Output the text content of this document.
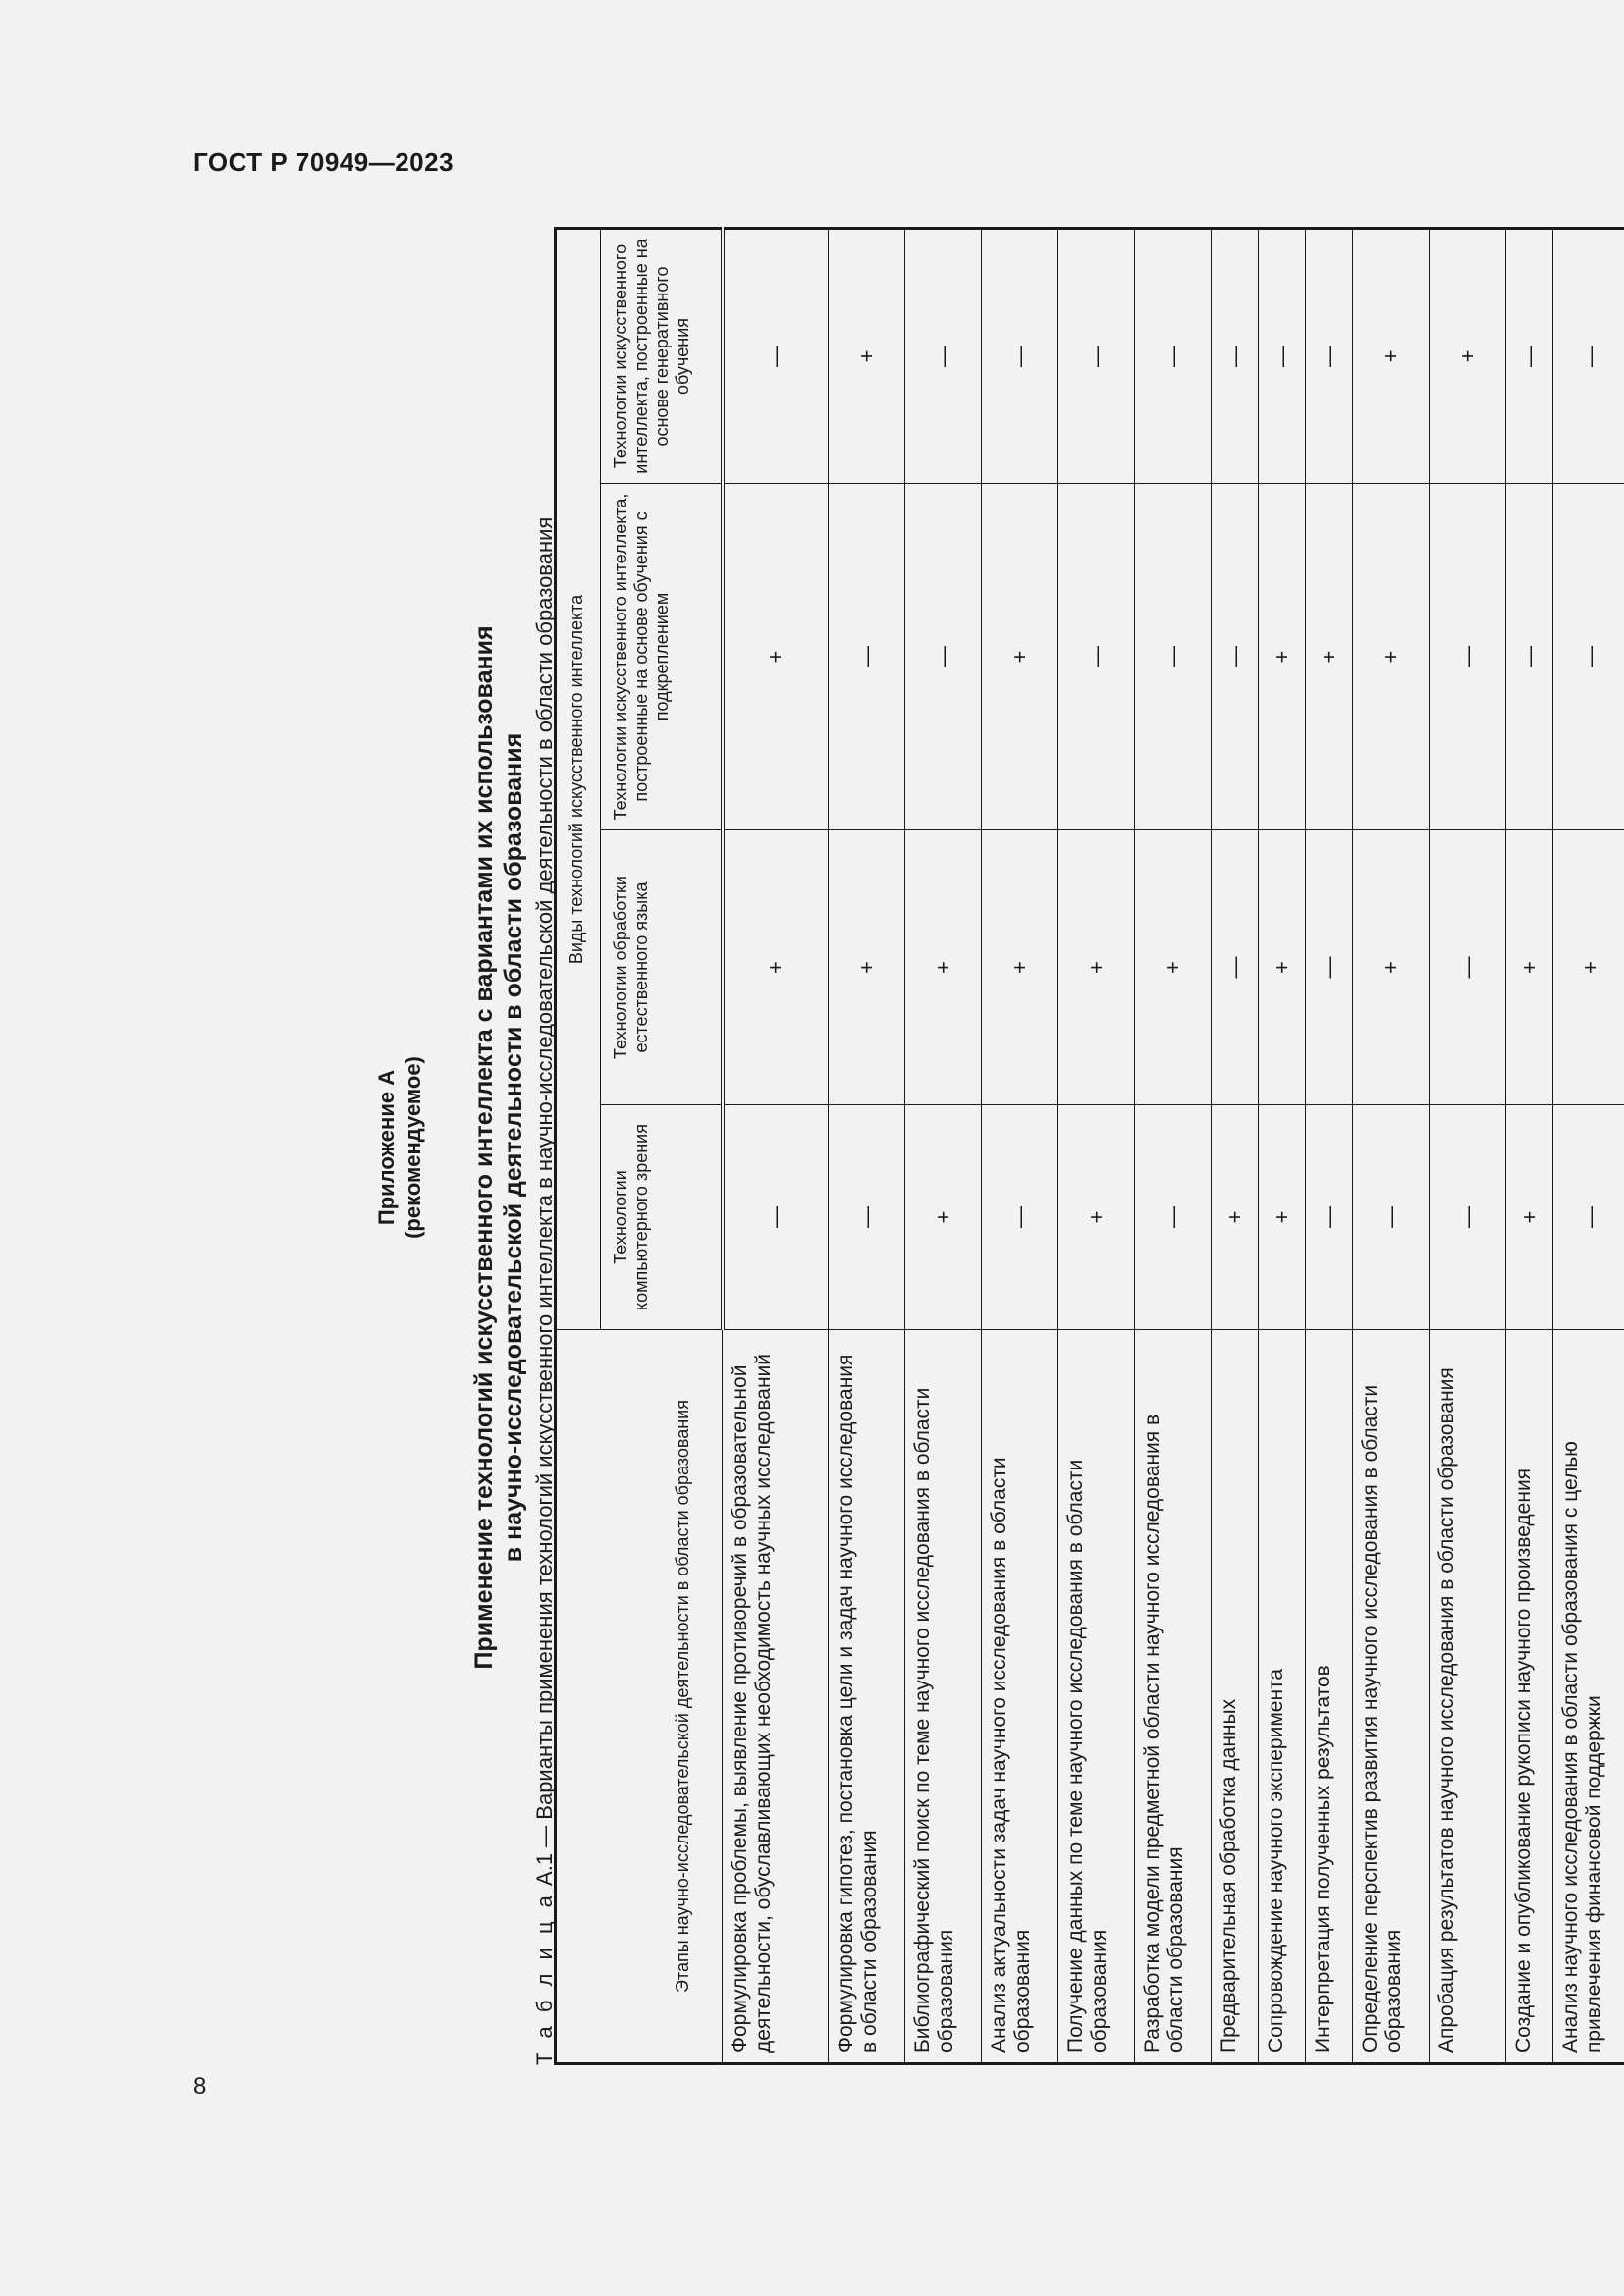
ГОСТ Р 70949—2023
8
Приложение А (рекомендуемое) Применение технологий искусственного интеллекта с вариантами их использования в научно-исследовательской деятельности в области образования
Т а б л и ц а А.1 — Варианты применения технологий искусственного интеллекта в научно-исследовательской деятельности в области образования	Этапы научно-исследовательской деятельности в области образования	Виды технологий искусственного интеллекта			
	Технологии компьютерного зрения	Технологии обработки естественного языка	Технологии искусственного интеллекта, построенные на основе обучения с подкреплением	Технологии искусственного интеллекта, построенные на основе генеративного обучения
Формулировка проблемы, выявление противоречий в образовательной деятельности, обуславливающих необходимость научных исследований	—	+	+	—
Формулировка гипотез, постановка цели и задач научного исследования в области образования	—	+	—	+
Библиографический поиск по теме научного исследования в области образования	+	+	—	—
Анализ актуальности задач научного исследования в области образования	—	+	+	—
Получение данных по теме научного исследования в области образования	+	+	—	—
Разработка модели предметной области научного исследования в области образования	—	+	—	—
Предварительная обработка данных	+	—	—	—
Сопровождение научного эксперимента	+	+	+	—
Интерпретация полученных результатов	—	—	+	—
Определение перспектив развития научного исследования в области образования	—	+	+	+
Апробация результатов научного исследования в области образования	—	—	—	+
Создание и опубликование рукописи научного произведения	+	+	—	—
Анализ научного исследования в области образования с целью привлечения финансовой поддержки	—	+	—	—
